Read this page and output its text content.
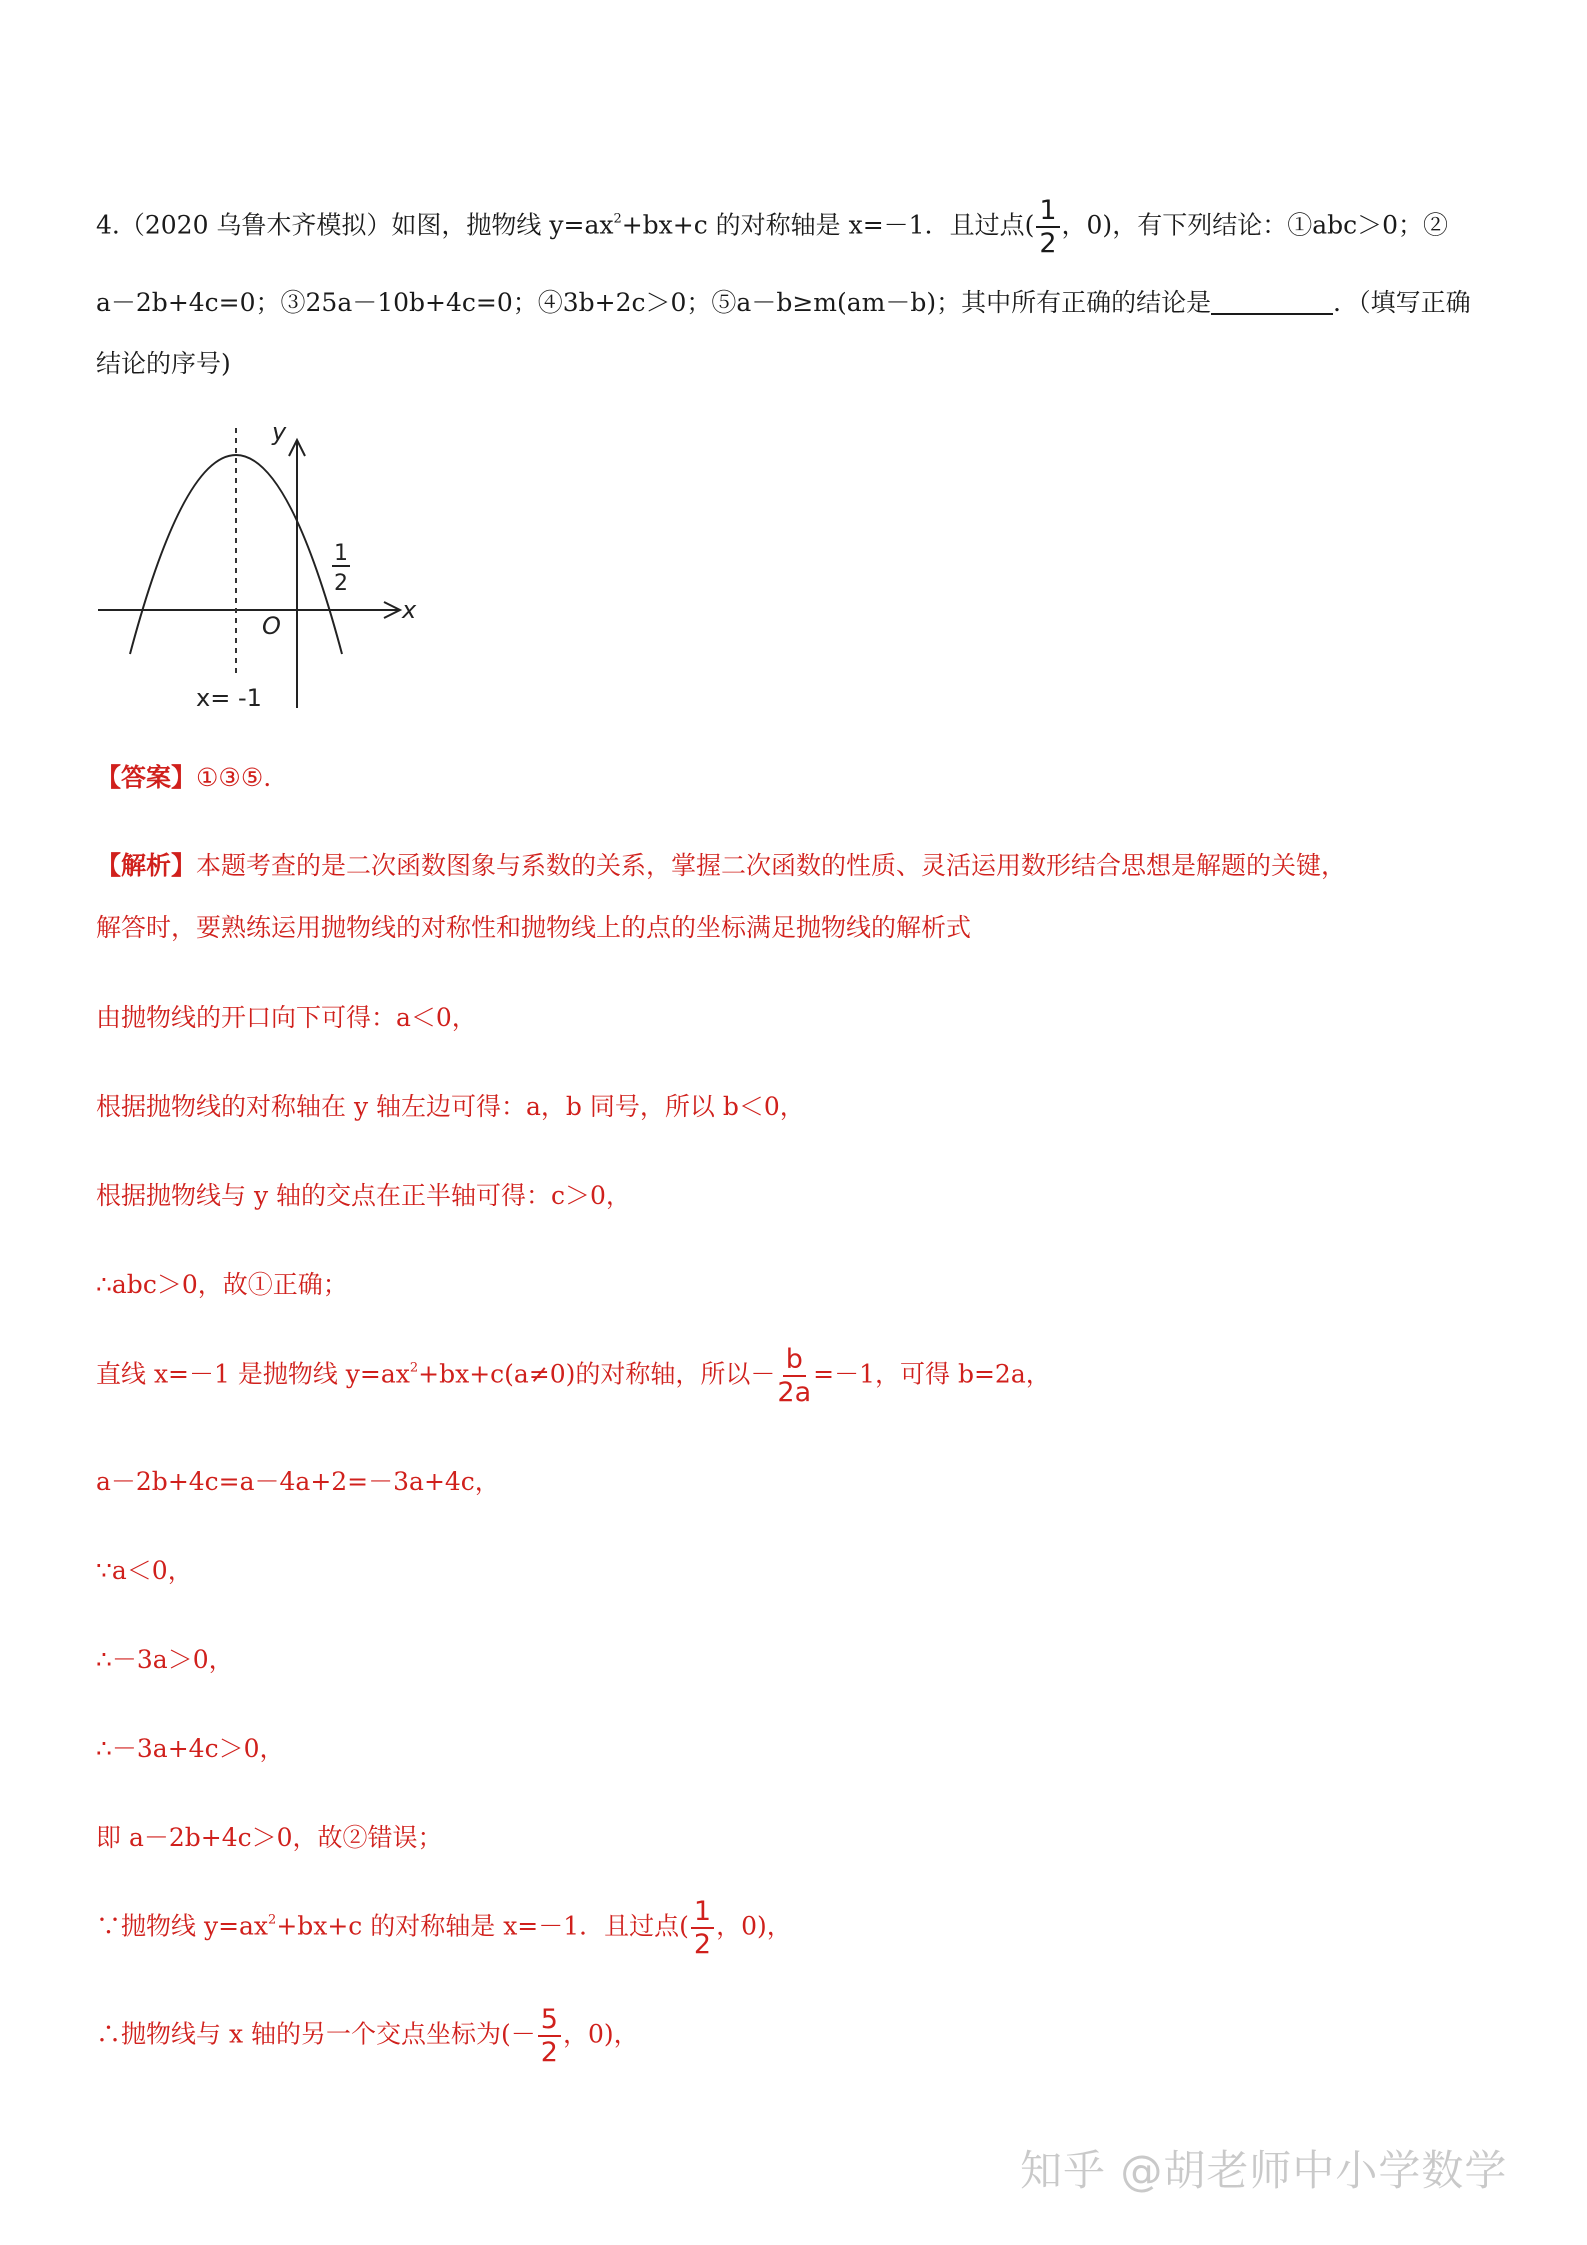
4.（2020 乌鲁木齐模拟）如图，抛物线 $y=ax^2+bx+c$ 的对称轴是 x=－1．且过点( $\frac{1}{2}$ ，0)，有下列结论：①abc＞0；②
a－2b+4c=0；③25a－10b+4c=0；④3b+2c＞0；⑤a－b≥m(am－b)；其中所有正确的结论是	．（填写正确
结论的序号)
y
x
O
1
2
x= -1
【答案】①③⑤.
【解析】本题考查的是二次函数图象与系数的关系，掌握二次函数的性质、灵活运用数形结合思想是解题的关键，
解答时，要熟练运用抛物线的对称性和抛物线上的点的坐标满足抛物线的解析式
由抛物线的开口向下可得：a＜0，
根据抛物线的对称轴在 y 轴左边可得：a，b 同号，所以 b＜0，
根据抛物线与 y 轴的交点在正半轴可得：c＞0，
∴abc＞0，故①正确；
直线 x=－1 是抛物线 $y=ax^2+bx+c(a\ne 0)$的对称轴，所以－ $\frac{b}{2a} =-1$，可得 b=2a，
a－2b+4c=a－4a+2=－3a+4c，
∵a＜0，
∴－3a＞0，
∴－3a+4c＞0，
即 a－2b+4c＞0，故②错误；
∵抛物线 $y=ax^2+bx+c$ 的对称轴是 x=－1．且过点( $\frac{1}{2}$ ，0)，
∴抛物线与 x 轴的另一个交点坐标为(－ $\frac{5}{2}$ ，0)，
知乎 @胡老师中小学数学
